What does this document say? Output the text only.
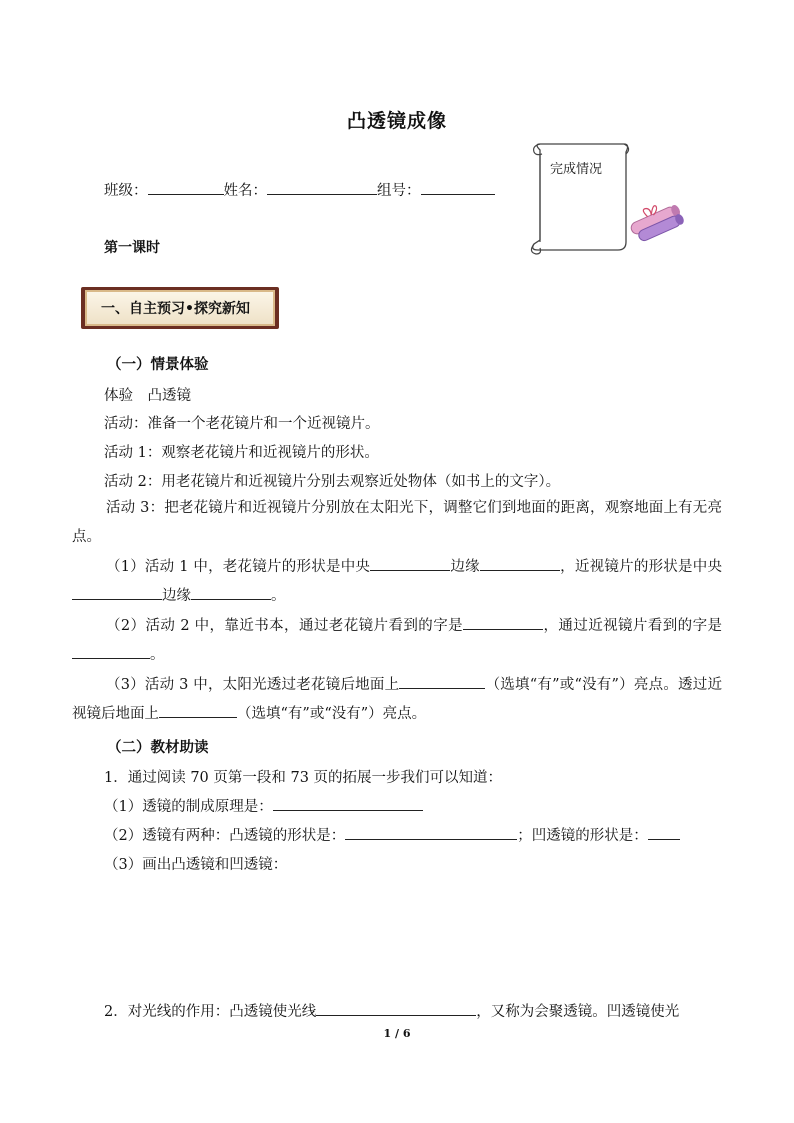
凸透镜成像
班级：	姓名：	组号：
完成情况
第一课时
一、自主预习•探究新知
（一）情景体验
体验　凸透镜
活动：准备一个老花镜片和一个近视镜片。
活动 1：观察老花镜片和近视镜片的形状。
活动 2：用老花镜片和近视镜片分别去观察近处物体（如书上的文字）。
活动 3：把老花镜片和近视镜片分别放在太阳光下，调整它们到地面的距离，观察地面上有无亮点。
（1）活动 1 中，老花镜片的形状是中央	边缘	，近视镜片的形状是中央边缘	。
（2）活动 2 中，靠近书本，通过老花镜片看到的字是	，通过近视镜片看到的字是。
（3）活动 3 中，太阳光透过老花镜后地面上	（选填“有”或“没有”）亮点。透过近视镜后地面上	（选填“有”或“没有”）亮点。
（二）教材助读
1．通过阅读 70 页第一段和 73 页的拓展一步我们可以知道：
（1）透镜的制成原理是：
（2）透镜有两种：凸透镜的形状是：	；凹透镜的形状是：
（3）画出凸透镜和凹透镜：
2．对光线的作用：凸透镜使光线	，又称为会聚透镜。凹透镜使光
1 / 6
